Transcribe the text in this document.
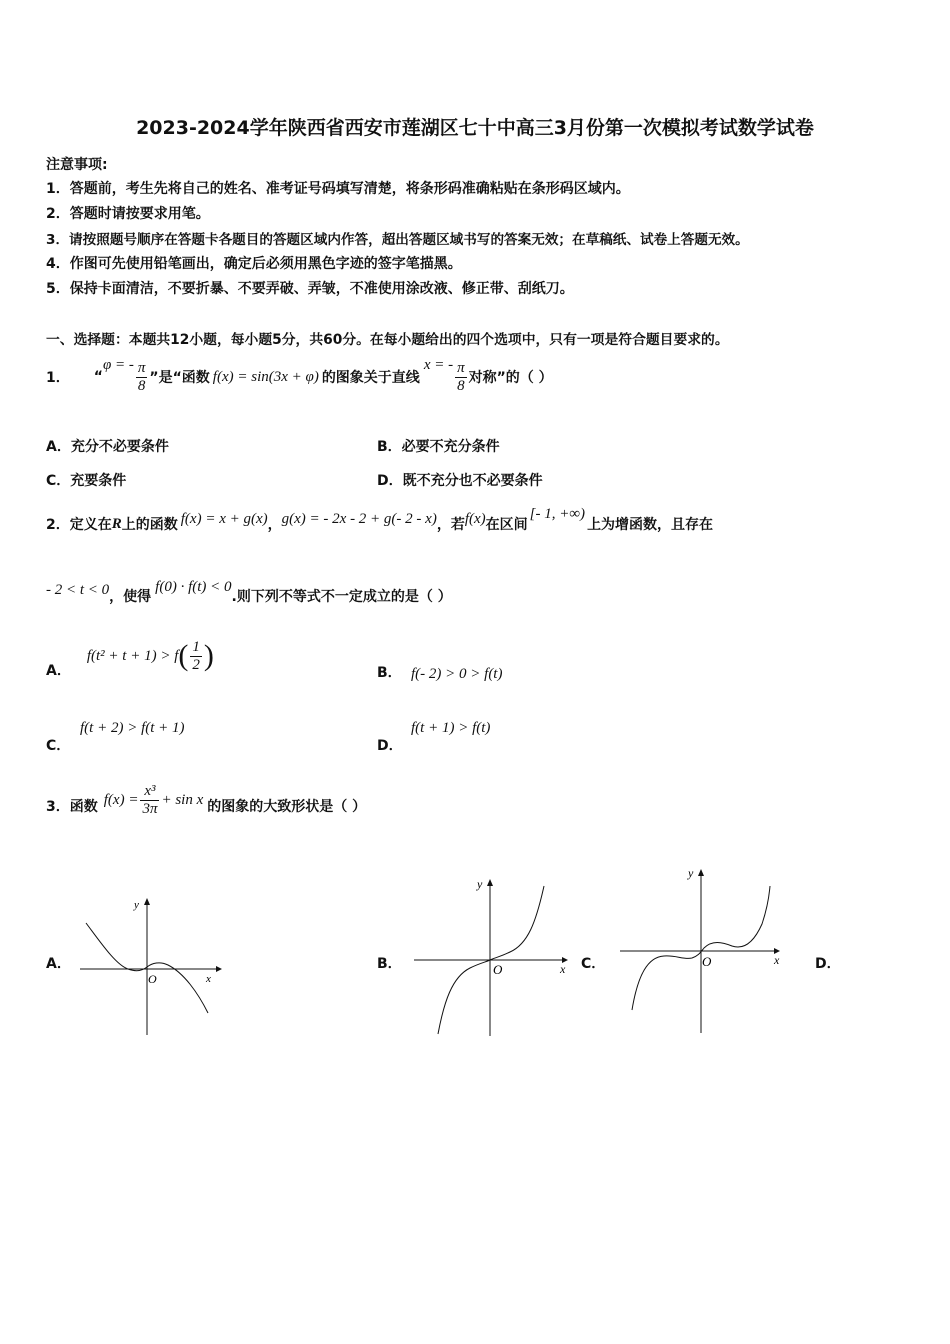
2023-2024学年陕西省西安市莲湖区七十中高三3月份第一次模拟考试数学试卷
注意事项:
1．答题前，考生先将自己的姓名、准考证号码填写清楚，将条形码准确粘贴在条形码区域内。
2．答题时请按要求用笔。
3．请按照题号顺序在答题卡各题目的答题区域内作答，超出答题区域书写的答案无效；在草稿纸、试卷上答题无效。
4．作图可先使用铅笔画出，确定后必须用黑色字迹的签字笔描黑。
5．保持卡面清洁，不要折暴、不要弄破、弄皱，不准使用涂改液、修正带、刮纸刀。
一、选择题：本题共12小题，每小题5分，共60分。在每小题给出的四个选项中，只有一项是符合题目要求的。
1． “
φ = - $\frac{\pi}{8}$ ”是“函数 f(x) = sin(3x + φ) 的图象关于直线
x = - $\frac{\pi}{8}$ 对称”的（ ）
A．充分不必要条件	B．必要不充分条件
C．充要条件	D．既不充分也不必要条件
2．定义在 R 上的函数 f(x) = x + g(x) ， g(x) = - 2x - 2 + g(- 2 - x) ，若 f(x) 在区间
[- 1, +∞)
上为增函数，且存在
- 2 < t < 0 ，使得
f(0) · f(t) < 0
.则下列不等式不一定成立的是（ ）
A．
f(t² + t + 1) > f ( $\frac{1}{2}$ )
B． f(- 2) > 0 > f(t)
C．
f(t + 2) > f(t + 1)
D．
f(t + 1) > f(t)
3．函数 $f(x) = \frac{\text{x³}}{3\pi} + \sin x$ 的图象的大致形状是（ ）
A．	B．	C．	D．
x
y
O
x
y
O
x
y
O
